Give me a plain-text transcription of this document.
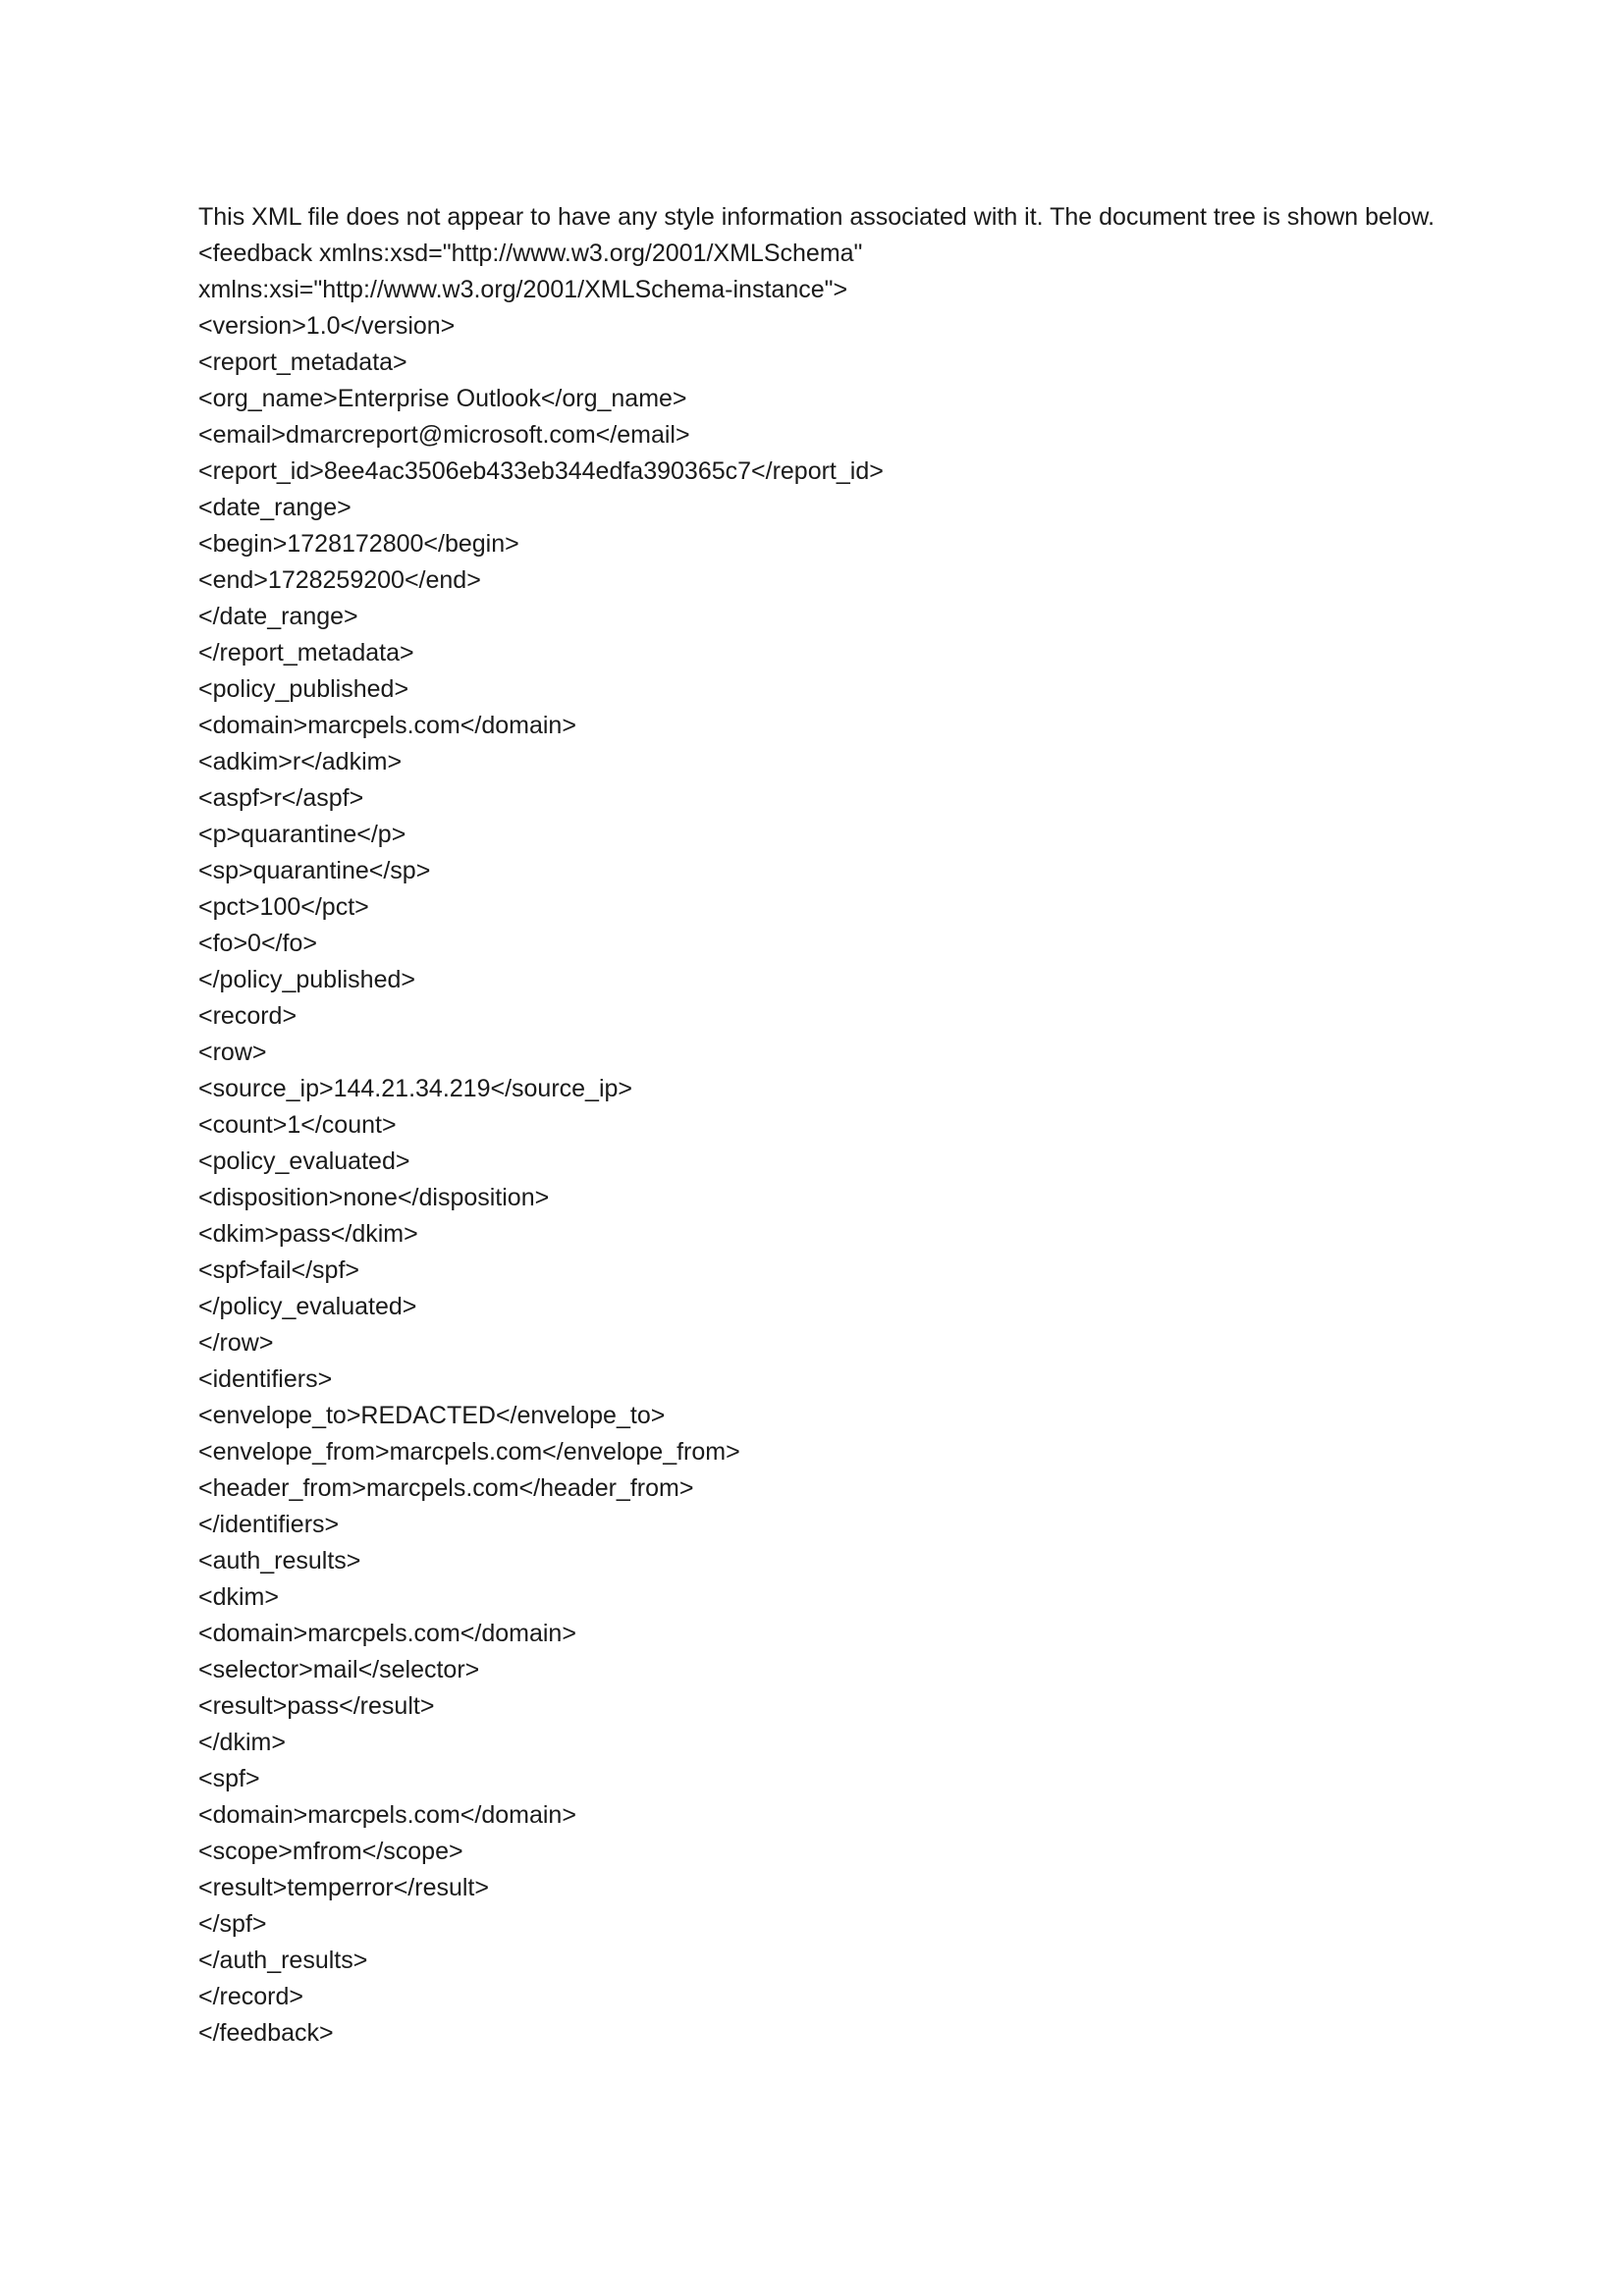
This XML file does not appear to have any style information associated with it. The document tree is shown below.

<feedback xmlns:xsd="http://www.w3.org/2001/XMLSchema"
xmlns:xsi="http://www.w3.org/2001/XMLSchema-instance">
<version>1.0</version>
<report_metadata>
<org_name>Enterprise Outlook</org_name>
<email>dmarcreport@microsoft.com</email>
<report_id>8ee4ac3506eb433eb344edfa390365c7</report_id>
<date_range>
<begin>1728172800</begin>
<end>1728259200</end>
</date_range>
</report_metadata>
<policy_published>
<domain>marcpels.com</domain>
<adkim>r</adkim>
<aspf>r</aspf>
<p>quarantine</p>
<sp>quarantine</sp>
<pct>100</pct>
<fo>0</fo>
</policy_published>
<record>
<row>
<source_ip>144.21.34.219</source_ip>
<count>1</count>
<policy_evaluated>
<disposition>none</disposition>
<dkim>pass</dkim>
<spf>fail</spf>
</policy_evaluated>
</row>
<identifiers>
<envelope_to>REDACTED</envelope_to>
<envelope_from>marcpels.com</envelope_from>
<header_from>marcpels.com</header_from>
</identifiers>
<auth_results>
<dkim>
<domain>marcpels.com</domain>
<selector>mail</selector>
<result>pass</result>
</dkim>
<spf>
<domain>marcpels.com</domain>
<scope>mfrom</scope>
<result>temperror</result>
</spf>
</auth_results>
</record>
</feedback>
